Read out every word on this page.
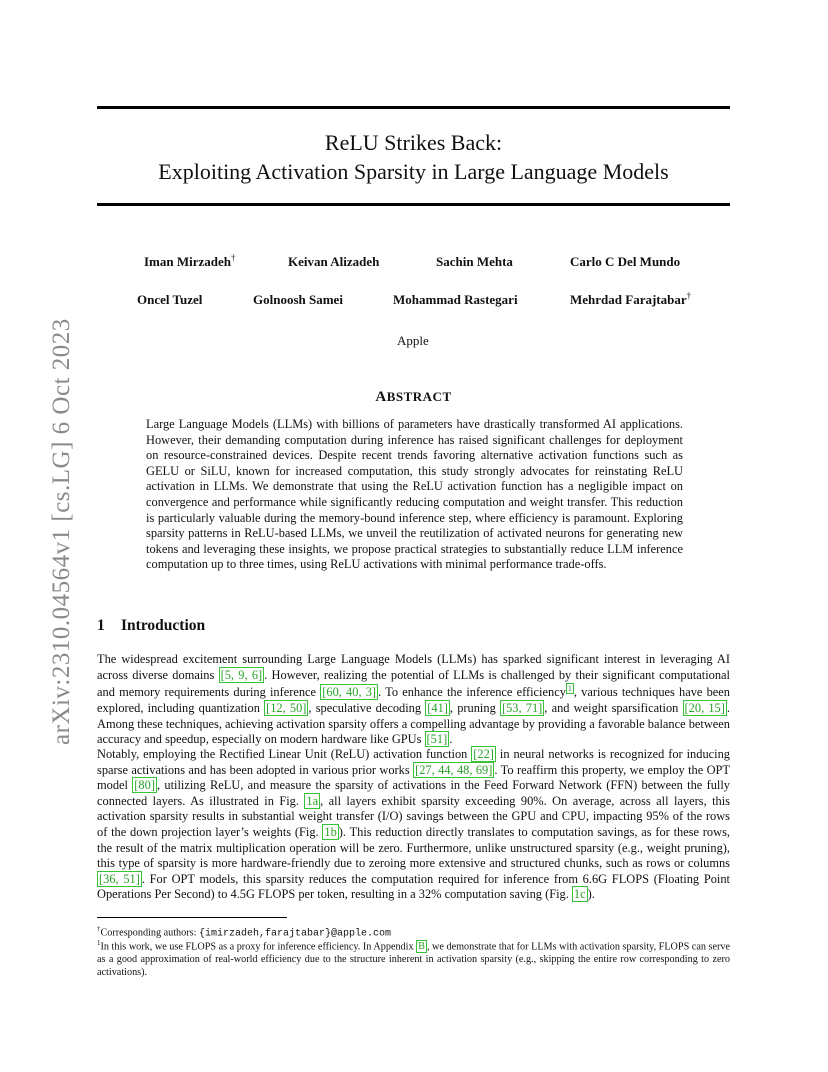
ReLU Strikes Back:
Exploiting Activation Sparsity in Large Language Models
arXiv:2310.04564v1 [cs.LG] 6 Oct 2023
Iman Mirzadeh†	Keivan Alizadeh	Sachin Mehta	Carlo C Del Mundo
Oncel Tuzel	Golnoosh Samei	Mohammad Rastegari	Mehrdad Farajtabar†
Apple
ABSTRACT
Large Language Models (LLMs) with billions of parameters have drastically transformed AI applications. However, their demanding computation during inference has raised significant challenges for deployment on resource-constrained devices. Despite recent trends favoring alternative activation functions such as GELU or SiLU, known for increased computation, this study strongly advocates for reinstating ReLU activation in LLMs. We demonstrate that using the ReLU activation function has a negligible impact on convergence and performance while significantly reducing computation and weight transfer. This reduction is particularly valuable during the memory-bound inference step, where efficiency is paramount. Exploring sparsity patterns in ReLU-based LLMs, we unveil the reutilization of activated neurons for generating new tokens and leveraging these insights, we propose practical strategies to substantially reduce LLM inference computation up to three times, using ReLU activations with minimal performance trade-offs.
1 Introduction

The widespread excitement surrounding Large Language Models (LLMs) has sparked significant interest in leveraging AI across diverse domains [5, 9, 6] . However, realizing the potential of LLMs is challenged by their significant computational and memory requirements during inference [60, 40, 3] . To enhance the inference efficiency $^1$ , various techniques have been explored, including quantization [12, 50] , speculative decoding [41] , pruning [53, 71] , and weight sparsification [20, 15] . Among these techniques, achieving activation sparsity offers a compelling advantage by providing a favorable balance between accuracy and speedup, especially on modern hardware like GPUs [51] .

Notably, employing the Rectified Linear Unit (ReLU) activation function [22] in neural networks is recognized for inducing sparse activations and has been adopted in various prior works [27, 44, 48, 69] . To reaffirm this property, we employ the OPT model [80] , utilizing ReLU, and measure the sparsity of activations in the Feed Forward Network (FFN) between the fully connected layers. As illustrated in Fig. 1a , all layers exhibit sparsity exceeding 90%. On average, across all layers, this activation sparsity results in substantial weight transfer (I/O) savings between the GPU and CPU, impacting 95% of the rows of the down projection layer’s weights (Fig. 1b ). This reduction directly translates to computation savings, as for these rows, the result of the matrix multiplication operation will be zero. Furthermore, unlike unstructured sparsity (e.g., weight pruning), this type of sparsity is more hardware-friendly due to zeroing more extensive and structured chunks, such as rows or columns [36, 51] . For OPT models, this sparsity reduces the computation required for inference from 6.6G FLOPS (Floating Point Operations Per Second) to 4.5G FLOPS per token, resulting in a 32% computation saving (Fig. 1c ).

†Corresponding authors: {imirzadeh,farajtabar}@apple.com
$^1$In this work, we use FLOPS as a proxy for inference efficiency. In Appendix B , we demonstrate that for LLMs with activation sparsity, FLOPS can serve as a good approximation of real-world efficiency due to the structure inherent in activation sparsity (e.g., skipping the entire row corresponding to zero activations).
